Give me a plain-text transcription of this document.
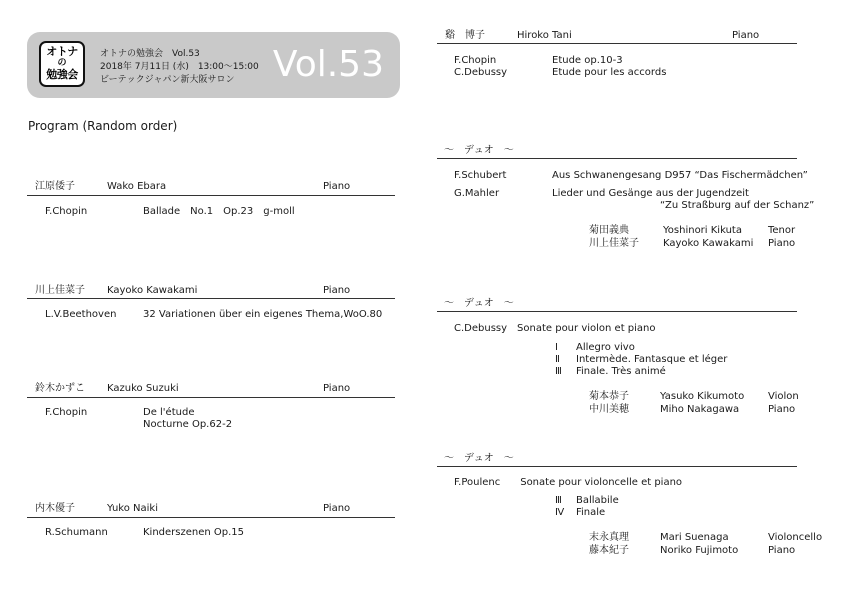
オトナ
の
勉強会
オトナの勉強会　Vol.53
2018年 7月11日 (水)　13:00～15:00
ビーテックジャパン新大阪サロン Vol.53
Program (Random order)
江原倭子	Wako Ebara	Piano
F.Chopin	Ballade　No.1　Op.23　g-moll
川上佳菜子 Kayoko Kawakami	Piano
L.V.Beethoven	32 Variationen über ein eigenes Thema,WoO.80
鈴木かずこ Kazuko Suzuki	Piano
F.Chopin	De l'étude
Nocturne Op.62-2
内木優子	Yuko Naiki	Piano
R.Schumann	Kinderszenen Op.15
谿　博子	Hiroko Tani	Piano
F.Chopin	Etude op.10-3
C.Debussy	Etude pour les accords
～　デュオ　～
F.Schubert	Aus Schwanengesang D957 “Das Fischermädchen”
G.Mahler	Lieder und Gesänge aus der Jugendzeit
“Zu Straßburg auf der Schanz”
菊田義典	Yoshinori Kikuta	Tenor
川上佳菜子 Kayoko Kawakami Piano
～　デュオ　～
C.Debussy　Sonate pour violon et piano
Ⅰ Allegro vivo
Ⅱ Intermède. Fantasque et léger
Ⅲ Finale. Très animé
菊本恭子	Yasuko Kikumoto Violon
中川美穂	Miho Nakagawa	Piano
～　デュオ　～
F.Poulenc　　Sonate pour violoncelle et piano
Ⅲ Ballabile
Ⅳ Finale
末永真理	Mari Suenaga	Violoncello
藤本紀子	Noriko Fujimoto	Piano
